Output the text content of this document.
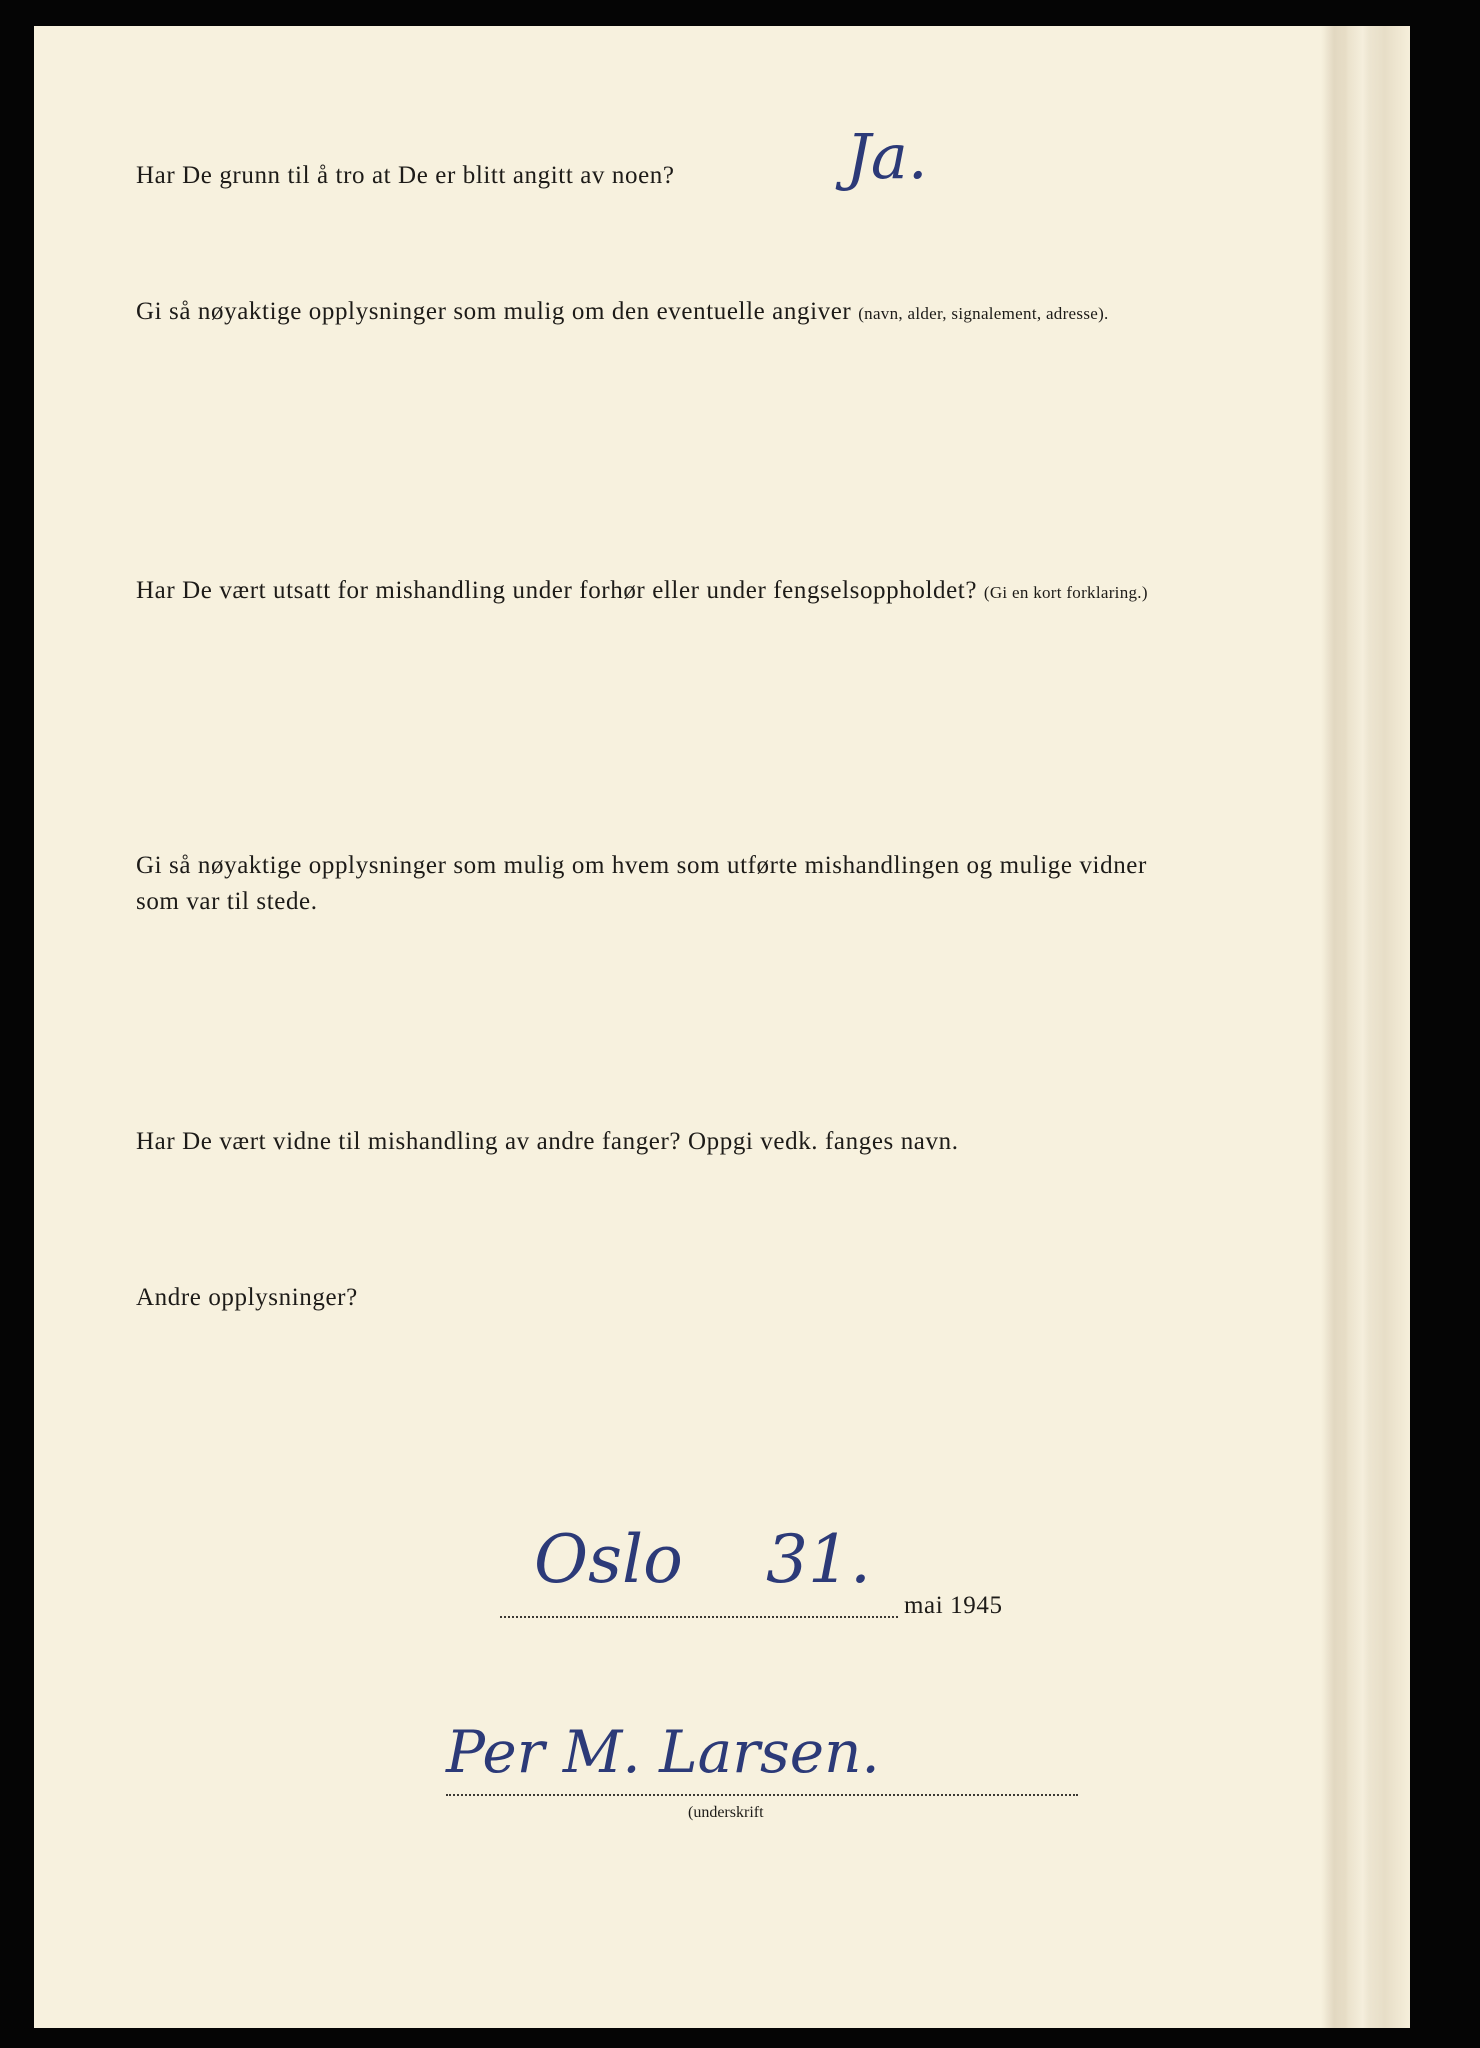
Har De grunn til å tro at De er blitt angitt av noen?	Ja.
Gi så nøyaktige opplysninger som mulig om den eventuelle angiver (navn, alder, signalement, adresse).
Har De vært utsatt for mishandling under forhør eller under fengselsoppholdet? (Gi en kort forklaring.)
Gi så nøyaktige opplysninger som mulig om hvem som utførte mishandlingen og mulige vidner
som var til stede.
Har De vært vidne til mishandling av andre fanger? Oppgi vedk. fanges navn.
Andre opplysninger?
Oslo 31.
mai 1945
Per M. Larsen.
(underskrift
